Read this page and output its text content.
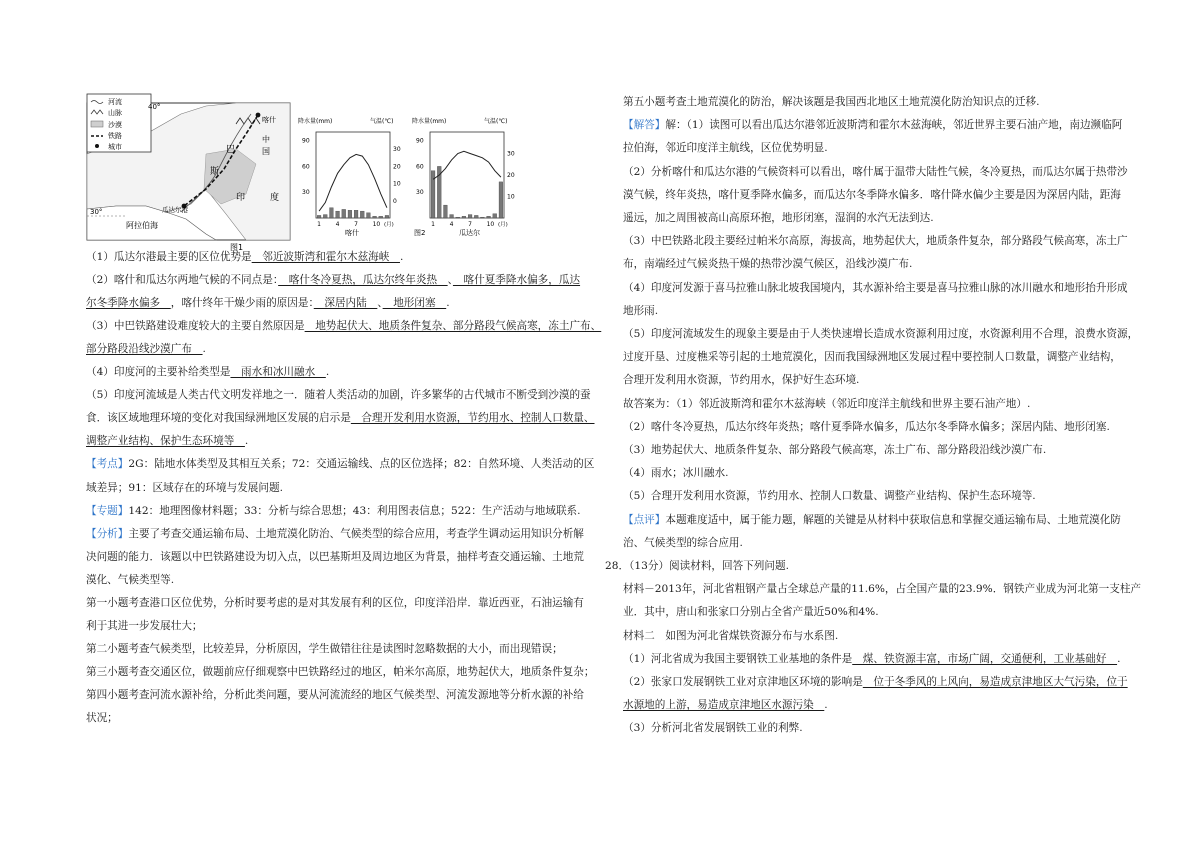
河流
山脉
沙漠
铁路
城市
40°
30°
喀什
瓜达尔港
中
国
巴
斯
印	度
阿拉伯海
图1
降水量(mm)	气温(℃)
90
60
30
30
20
10
0
1 4 7 10 (月)
喀什
降水量(mm)	气温(℃)
90
60
30
30
20
10
1 4 7 10 (月)
瓜达尔
图2
（1）瓜达尔港最主要的区位优势是　邻近波斯湾和霍尔木兹海峡　.
（2）喀什和瓜达尔两地气候的不同点是：　喀什冬冷夏热，瓜达尔终年炎热　、　喀什夏季降水偏多，瓜达
尔冬季降水偏多　，喀什终年干燥少雨的原因是：　深居内陆　、　地形闭塞　.
（3）中巴铁路建设难度较大的主要自然原因是　地势起伏大、地质条件复杂、部分路段气候高寒，冻土广布、
部分路段沿线沙漠广布　.
（4）印度河的主要补给类型是　雨水和冰川融水　.
（5）印度河流域是人类古代文明发祥地之一．随着人类活动的加剧，许多繁华的古代城市不断受到沙漠的蚕
食．该区域地理环境的变化对我国绿洲地区发展的启示是　合理开发利用水资源，节约用水、控制人口数量、
调整产业结构、保护生态环境等　.
【考点】2G：陆地水体类型及其相互关系；72：交通运输线、点的区位选择；82：自然环境、人类活动的区
域差异；91：区域存在的环境与发展问题.
【专题】142：地理图像材料题；33：分析与综合思想；43：利用图表信息；522：生产活动与地域联系.
【分析】主要了考查交通运输布局、土地荒漠化防治、气候类型的综合应用，考查学生调动运用知识分析解
决问题的能力．该题以中巴铁路建设为切入点，以巴基斯坦及周边地区为背景，抽样考查交通运输、土地荒
漠化、气候类型等.
第一小题考查港口区位优势，分析时要考虑的是对其发展有利的区位，印度洋沿岸．靠近西亚，石油运输有
利于其进一步发展壮大；
第二小题考查气候类型，比较差异，分析原因，学生做错往往是读图时忽略数据的大小，而出现错误；
第三小题考查交通区位，做题前应仔细观察中巴铁路经过的地区，帕米尔高原，地势起伏大，地质条件复杂；
第四小题考查河流水源补给，分析此类问题，要从河流流经的地区气候类型、河流发源地等分析水源的补给
状况；
第五小题考查土地荒漠化的防治，解决该题是我国西北地区土地荒漠化防治知识点的迁移.
【解答】解：（1）读图可以看出瓜达尔港邻近波斯湾和霍尔木兹海峡，邻近世界主要石油产地，南边濒临阿
拉伯海，邻近印度洋主航线，区位优势明显.
（2）分析喀什和瓜达尔港的气候资料可以看出，喀什属于温带大陆性气候，冬冷夏热，而瓜达尔属于热带沙
漠气候，终年炎热，喀什夏季降水偏多，而瓜达尔冬季降水偏多．喀什降水偏少主要是因为深居内陆，距海
遥远，加之周围被高山高原环抱，地形闭塞，湿润的水汽无法到达.
（3）中巴铁路北段主要经过帕米尔高原，海拔高，地势起伏大，地质条件复杂，部分路段气候高寒，冻土广
布，南端经过气候炎热干燥的热带沙漠气候区，沿线沙漠广布.
（4）印度河发源于喜马拉雅山脉北坡我国境内，其水源补给主要是喜马拉雅山脉的冰川融水和地形抬升形成
地形雨.
（5）印度河流域发生的现象主要是由于人类快速增长造成水资源利用过度，水资源利用不合理，浪费水资源，
过度开垦、过度樵采等引起的土地荒漠化，因而我国绿洲地区发展过程中要控制人口数量，调整产业结构，
合理开发利用水资源，节约用水，保护好生态环境.
故答案为：（1）邻近波斯湾和霍尔木兹海峡（邻近印度洋主航线和世界主要石油产地）.
（2）喀什冬冷夏热，瓜达尔终年炎热；喀什夏季降水偏多，瓜达尔冬季降水偏多；深居内陆、地形闭塞.
（3）地势起伏大、地质条件复杂、部分路段气候高寒，冻土广布、部分路段沿线沙漠广布.
（4）雨水；冰川融水.
（5）合理开发利用水资源，节约用水、控制人口数量、调整产业结构、保护生态环境等.
【点评】本题难度适中，属于能力题，解题的关键是从材料中获取信息和掌握交通运输布局、土地荒漠化防
治、气候类型的综合应用.
28．（13分）阅读材料，回答下列问题.
材料－2013年，河北省粗钢产量占全球总产量的11.6%，占全国产量的23.9%．钢铁产业成为河北第一支柱产
业．其中，唐山和张家口分别占全省产量近50%和4%.
材料二　如图为河北省煤铁资源分布与水系图.
（1）河北省成为我国主要钢铁工业基地的条件是　煤、铁资源丰富，市场广阔，交通便利，工业基础好　.
（2）张家口发展钢铁工业对京津地区环境的影响是　位于冬季风的上风向，易造成京津地区大气污染，位于
水源地的上游，易造成京津地区水源污染　.
（3）分析河北省发展钢铁工业的利弊.
